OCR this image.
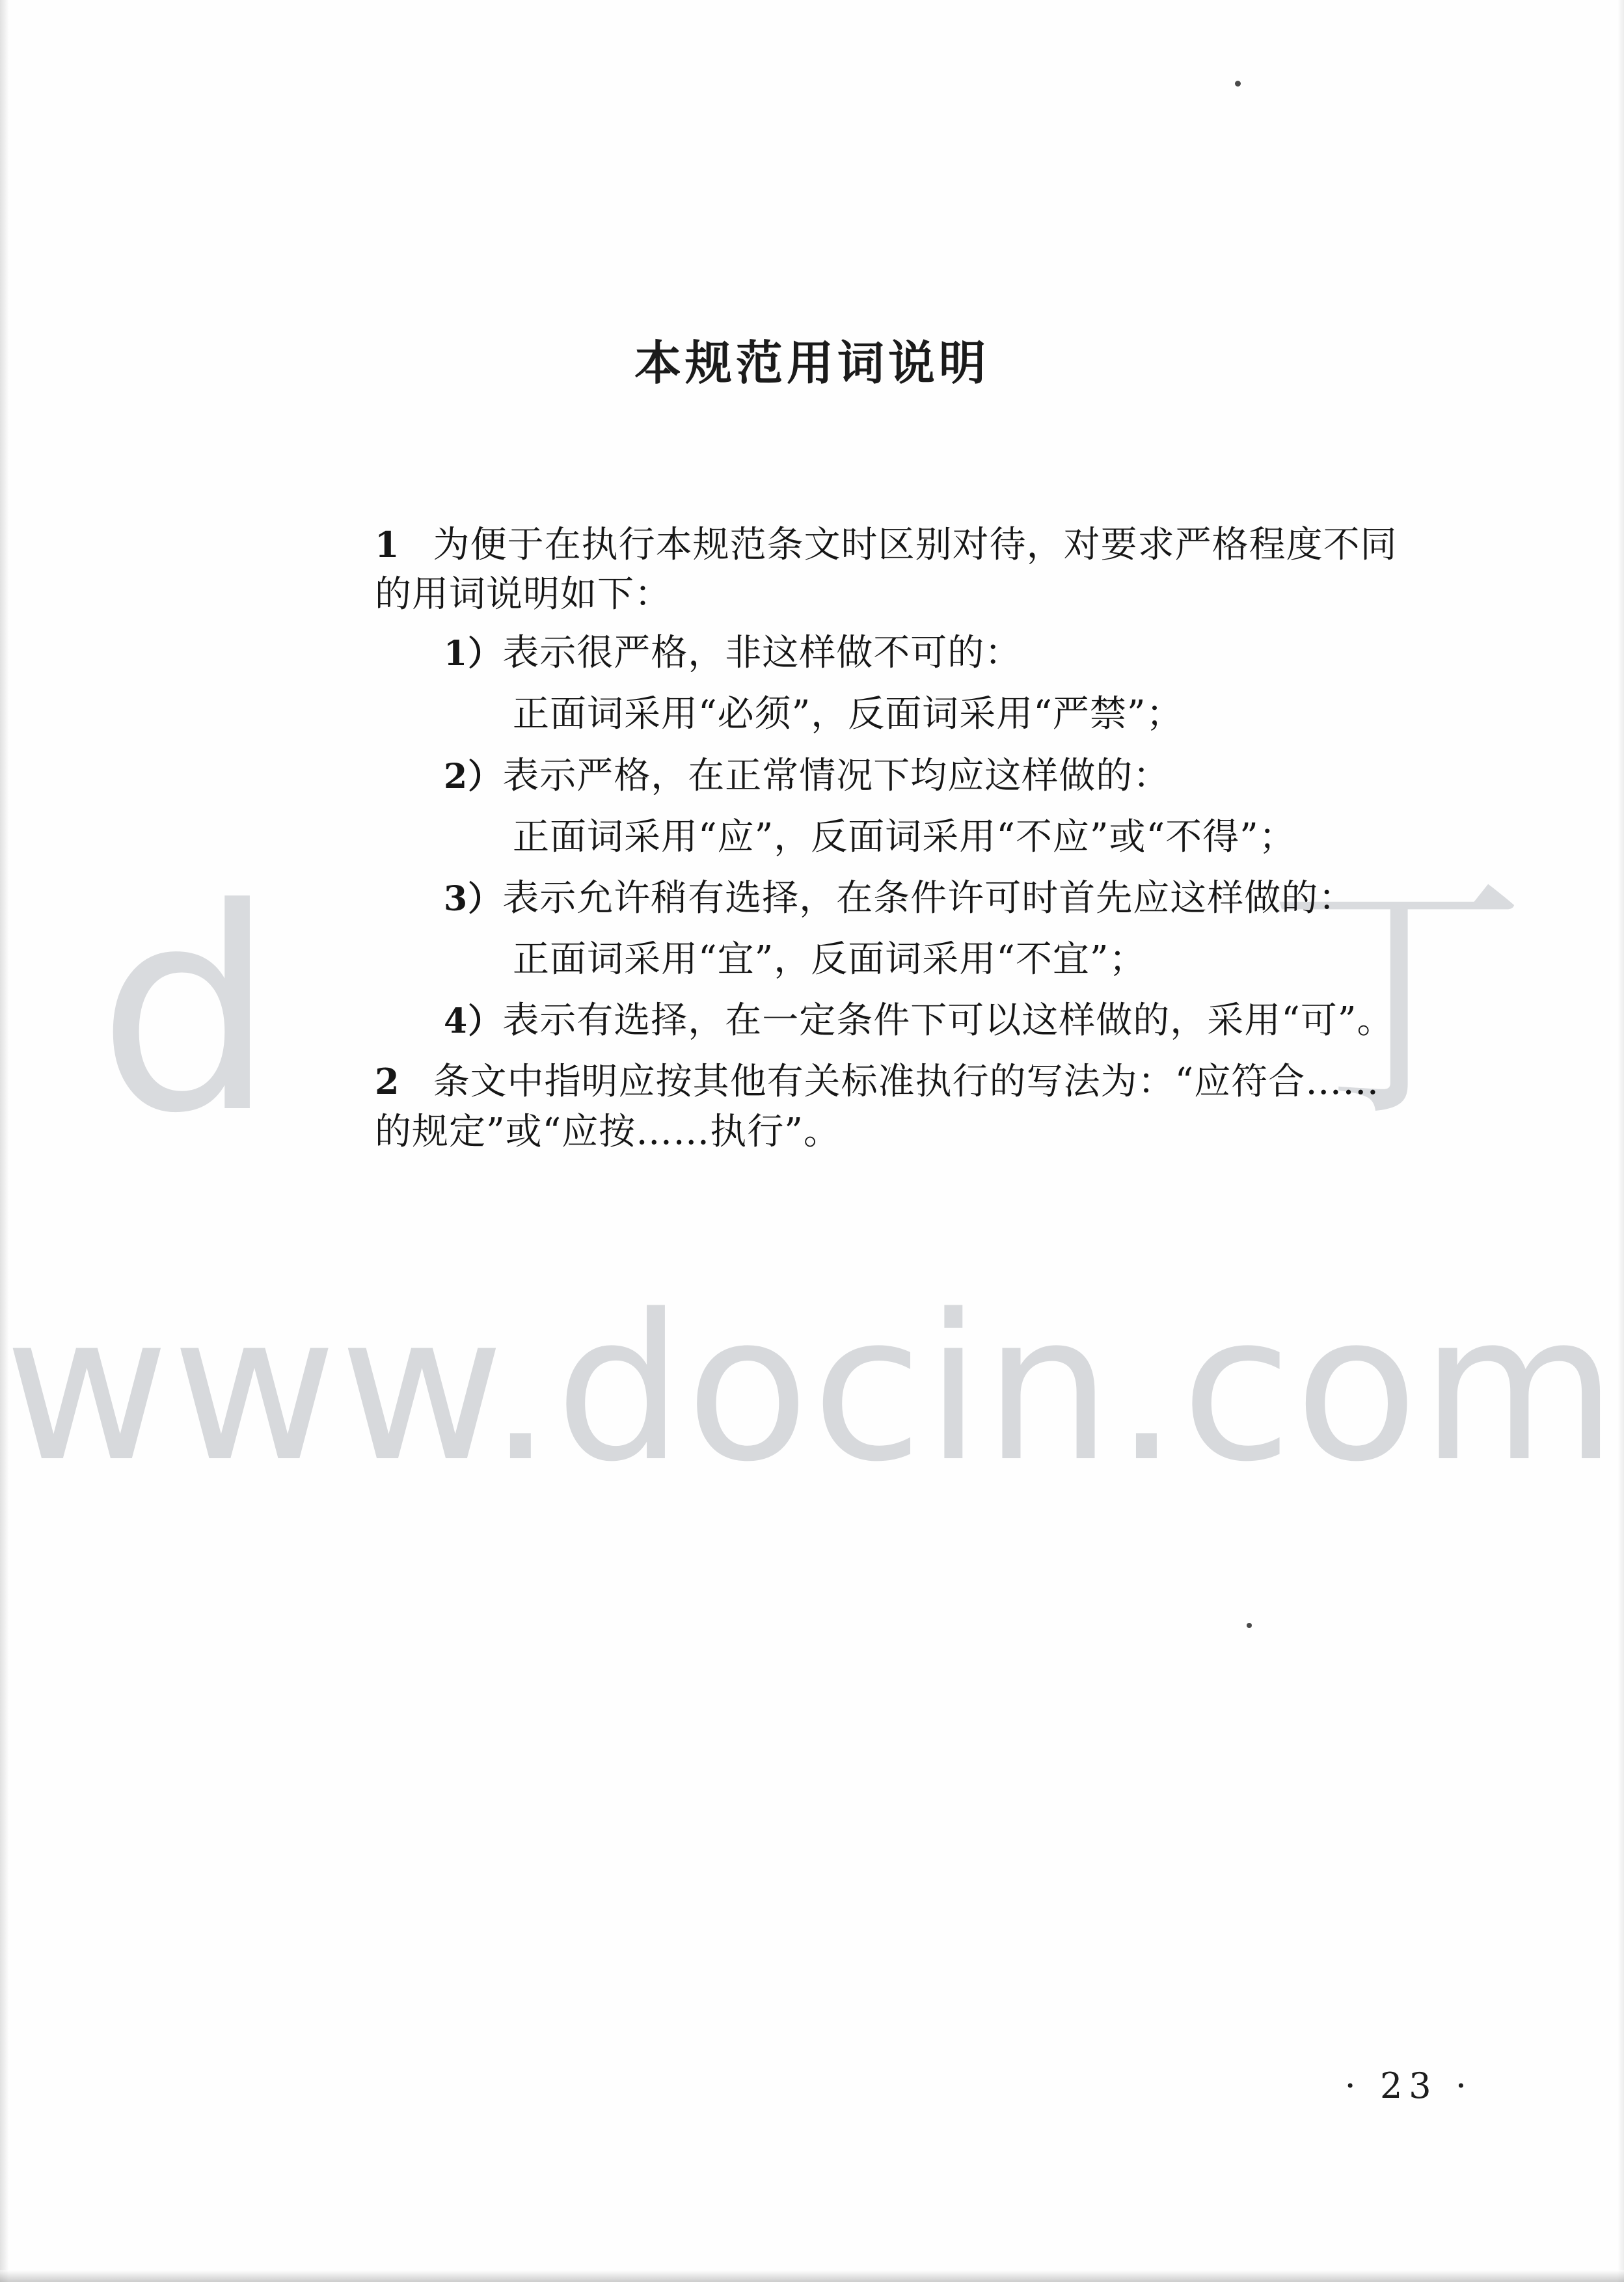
d	丁
www.docin.com
本规范用词说明

1 为便于在执行本规范条文时区别对待，对要求严格程度不同的用词说明如下：

1）表示很严格，非这样做不可的：

正面词采用“必须”，反面词采用“严禁”；

2）表示严格，在正常情况下均应这样做的：

正面词采用“应”，反面词采用“不应”或“不得”；

3）表示允许稍有选择，在条件许可时首先应这样做的：

正面词采用“宜”，反面词采用“不宜”；

4）表示有选择，在一定条件下可以这样做的，采用“可”。

2 条文中指明应按其他有关标准执行的写法为：“应符合……的规定”或“应按……执行”。

· 23 ·
